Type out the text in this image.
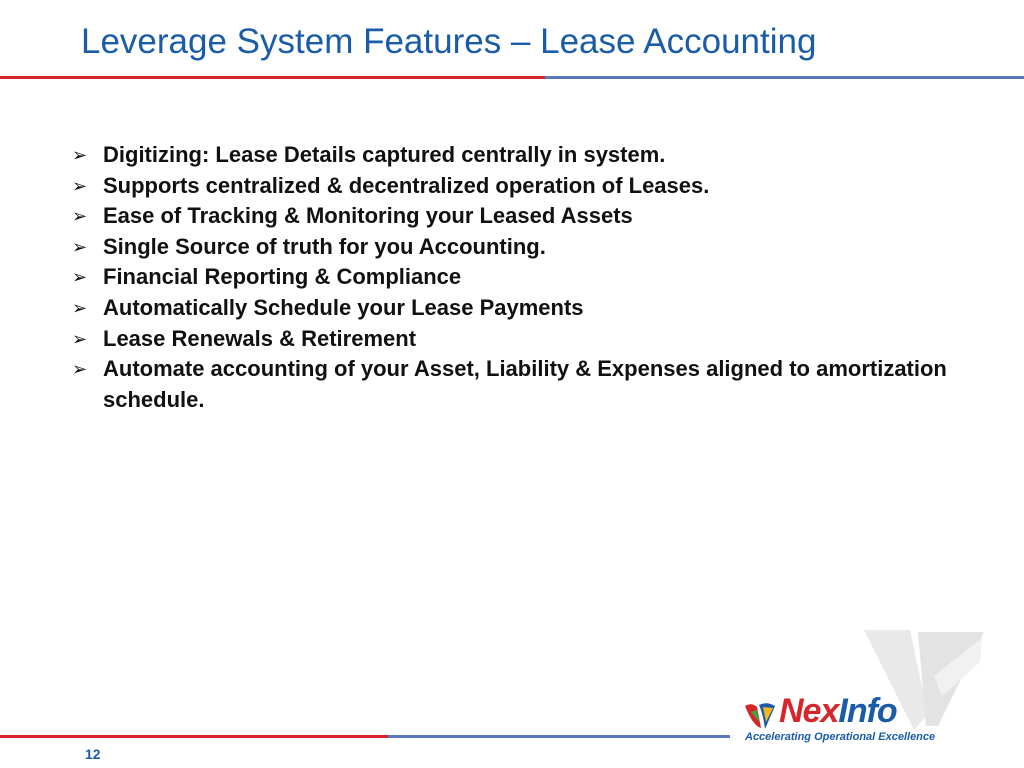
Leverage System Features – Lease Accounting
➢ Digitizing: Lease Details captured centrally in system.
➢ Supports centralized & decentralized operation of Leases.
➢ Ease of Tracking & Monitoring your Leased Assets
➢ Single Source of truth for you Accounting.
➢ Financial Reporting & Compliance
➢ Automatically Schedule your Lease Payments
➢ Lease Renewals & Retirement
➢ Automate accounting of your Asset, Liability & Expenses aligned to amortization schedule.
NexInfo
Accelerating Operational Excellence
12
